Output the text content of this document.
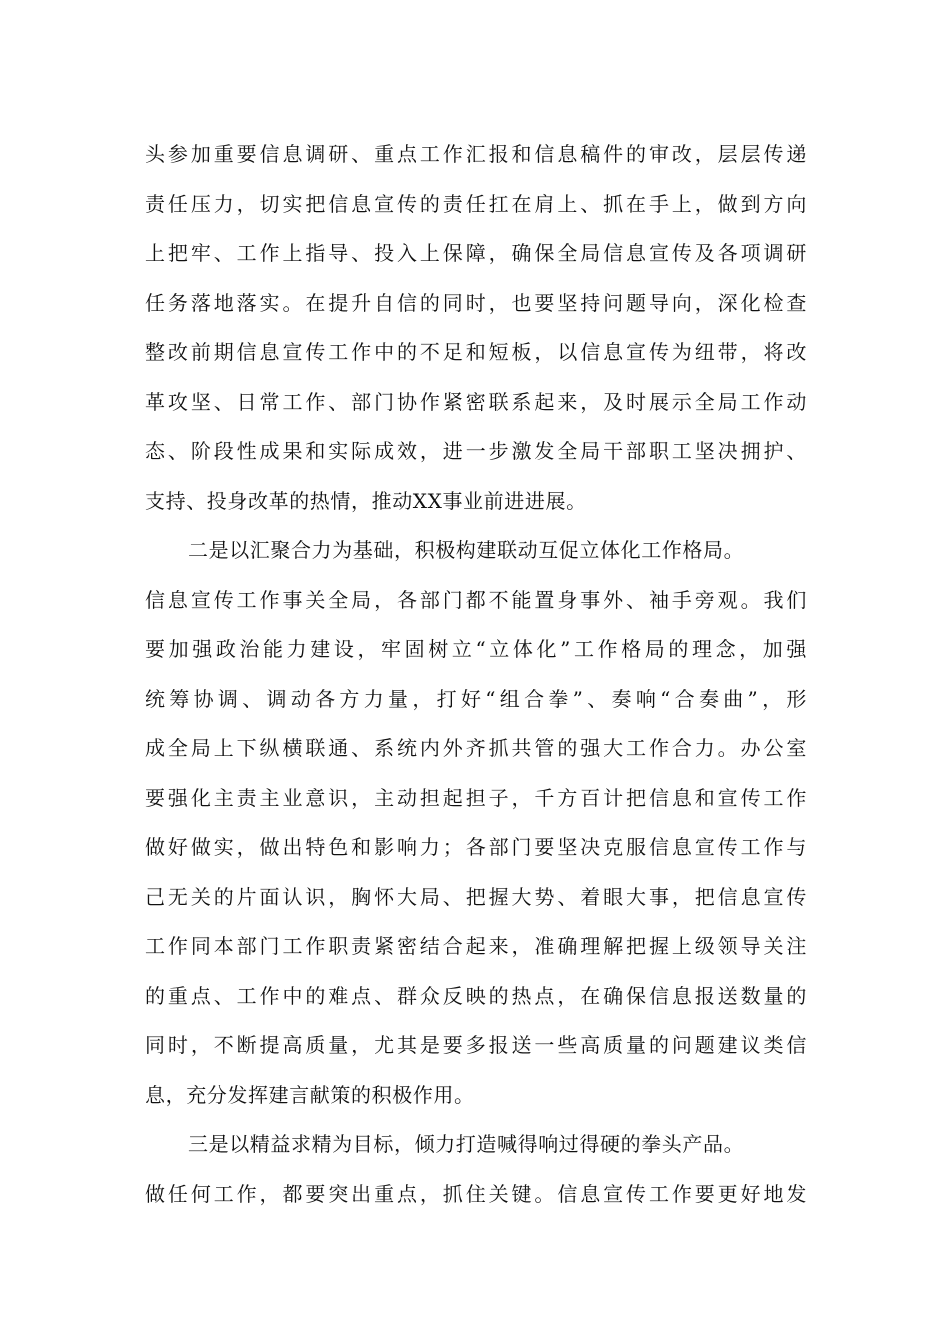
头参加重要信息调研、重点工作汇报和信息稿件的审改，层层传递
责任压力，切实把信息宣传的责任扛在肩上、抓在手上，做到方向
上把牢、工作上指导、投入上保障，确保全局信息宣传及各项调研
任务落地落实。在提升自信的同时，也要坚持问题导向，深化检查
整改前期信息宣传工作中的不足和短板，以信息宣传为纽带，将改
革攻坚、日常工作、部门协作紧密联系起来，及时展示全局工作动
态、阶段性成果和实际成效，进一步激发全局干部职工坚决拥护、
支持、投身改革的热情，推动XX事业前进进展。
二是以汇聚合力为基础，积极构建联动互促立体化工作格局。
信息宣传工作事关全局，各部门都不能置身事外、袖手旁观。我们
要加强政治能力建设，牢固树立“立体化”工作格局的理念，加强
统筹协调、调动各方力量，打好“组合拳”、奏响“合奏曲”，形
成全局上下纵横联通、系统内外齐抓共管的强大工作合力。办公室
要强化主责主业意识，主动担起担子，千方百计把信息和宣传工作
做好做实，做出特色和影响力；各部门要坚决克服信息宣传工作与
己无关的片面认识，胸怀大局、把握大势、着眼大事，把信息宣传
工作同本部门工作职责紧密结合起来，准确理解把握上级领导关注
的重点、工作中的难点、群众反映的热点，在确保信息报送数量的
同时，不断提高质量，尤其是要多报送一些高质量的问题建议类信
息，充分发挥建言献策的积极作用。
三是以精益求精为目标，倾力打造喊得响过得硬的拳头产品。
做任何工作，都要突出重点，抓住关键。信息宣传工作要更好地发
